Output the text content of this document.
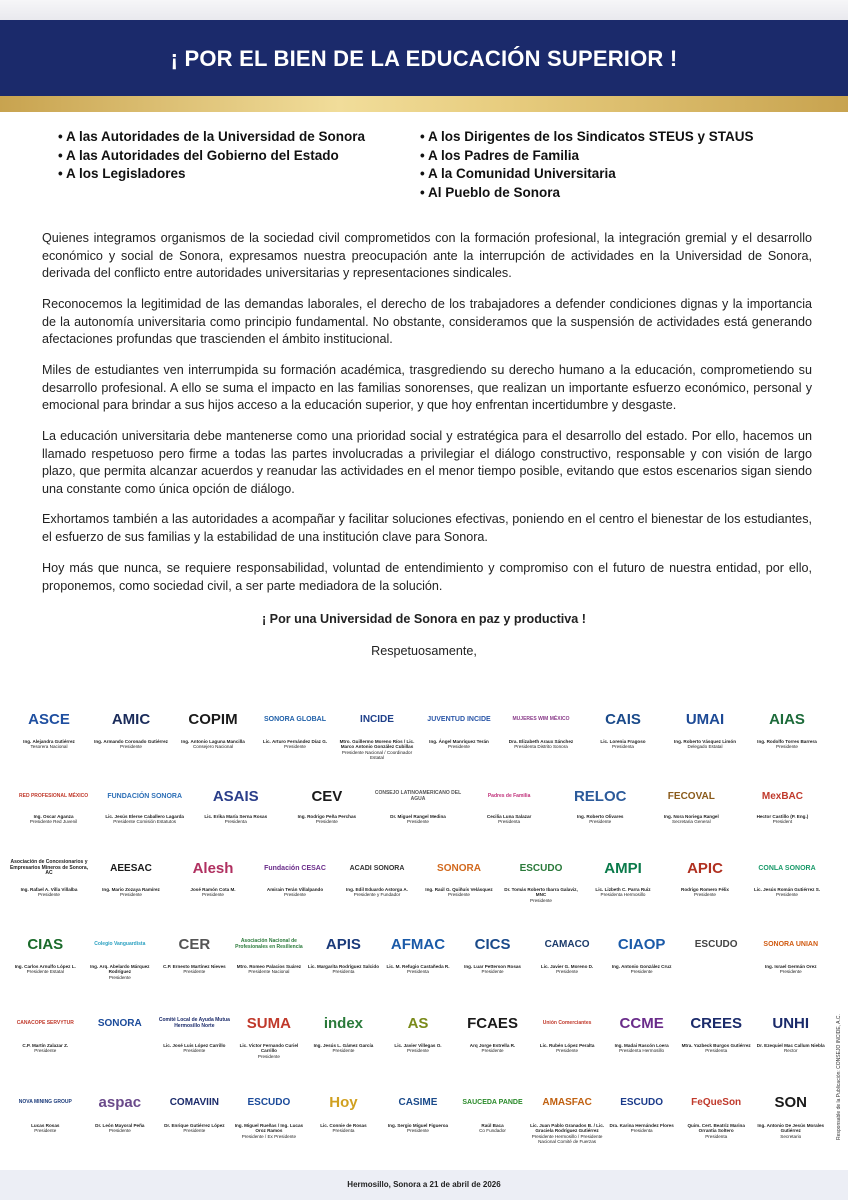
¡ POR EL BIEN DE LA EDUCACIÓN SUPERIOR !
• A las Autoridades de la Universidad de Sonora
• A las Autoridades del Gobierno del Estado
• A los Legisladores
• A los Dirigentes de los Sindicatos STEUS y STAUS
• A los Padres de Familia
• A la Comunidad Universitaria
• Al Pueblo de Sonora

Quienes integramos organismos de la sociedad civil comprometidos con la formación profesional, la integración gremial y el desarrollo económico y social de Sonora, expresamos nuestra preocupación ante la interrupción de actividades en la Universidad de Sonora, derivada del conflicto entre autoridades universitarias y representaciones sindicales.

Reconocemos la legitimidad de las demandas laborales, el derecho de los trabajadores a defender condiciones dignas y la importancia de la autonomía universitaria como principio fundamental. No obstante, consideramos que la suspensión de actividades está generando afectaciones profundas que trascienden el ámbito institucional.

Miles de estudiantes ven interrumpida su formación académica, trasgrediendo su derecho humano a la educación, comprometiendo su desarrollo profesional. A ello se suma el impacto en las familias sonorenses, que realizan un importante esfuerzo económico, personal y emocional para brindar a sus hijos acceso a la educación superior, y que hoy enfrentan incertidumbre y desgaste.

La educación universitaria debe mantenerse como una prioridad social y estratégica para el desarrollo del estado. Por ello, hacemos un llamado respetuoso pero firme a todas las partes involucradas a privilegiar el diálogo constructivo, responsable y con visión de largo plazo, que permita alcanzar acuerdos y reanudar las actividades en el menor tiempo posible, evitando que estos escenarios sigan siendo una constante como única opción de diálogo.

Exhortamos también a las autoridades a acompañar y facilitar soluciones efectivas, poniendo en el centro el bienestar de los estudiantes, el esfuerzo de sus familias y la estabilidad de una institución clave para Sonora.

Hoy más que nunca, se requiere responsabilidad, voluntad de entendimiento y compromiso con el futuro de nuestra entidad, por ello, proponemos, como sociedad civil, a ser parte mediadora de la solución.

¡ Por una Universidad de Sonora en paz y productiva !
Respetuosamente,
ASCE
Ing. Alejandra Gutiérrez
Tesorera Nacional
AMIC
Ing. Armando Coronado Gutiérrez
Presidente
COPIM
Ing. Antonio Laguna Mancilla
Consejero Nacional
SONORA GLOBAL
Lic. Arturo Fernández Díaz G.
Presidente
INCIDE
Mtro. Guillermo Moreno Ríos / Lic. Marco Antonio González Cubillas
Presidente Nacional / Coordinador Estatal
JUVENTUD INCIDE
Ing. Ángel Manríquez Terán
Presidente
MUJERES WIM MÉXICO
Dra. Elizabeth Araux Sánchez
Presidenta Distrito Sonora
CAIS
Lic. Lorenia Fragoso
Presidenta
UMAI
Ing. Roberto Vásquez Limón
Delegado Estatal
AIAS
Ing. Rodolfo Torres Barrera
Presidente
RED PROFESIONAL MÉXICO
Ing. Oscar Aganza
Presidente Red Juvenil
FUNDACIÓN SONORA
Lic. Jesús Elerse Caballero Lagarda
Presidente Comisión Estatutos
ASAIS
Lic. Erika María Serna Rosas
Presidenta
CEV
Ing. Rodrigo Peña Perchas
Presidente
CONSEJO LATINOAMERICANO DEL AGUA
Dr. Miguel Rangel Medina
Presidente
Padres de Familia
Cecilia Luna Salazar
Presidenta
RELOC
Ing. Roberto Olivares
Presidente
FECOVAL
Ing. Nora Noriega Rangel
Secretaria General
MexBAC
Hector Castillo (P. Eng.)
President
Asociación de Concesionarios y Empresarios Mineros de Sonora, AC
Ing. Rafael A. Villa Villalba
Presidente
AEESAC
Ing. Mario Zozaya Ramírez
Presidente
Alesh
José Ramón Cota M.
Presidente
Fundación CESAC
Amirain Terán Villalpando
Presidente
ACADI SONORA
Ing. Edil Eduardo Astorga A.
Presidente y Fundador
SONORA
Ing. Raúl G. Quiñuís Velásquez
Presidente
ESCUDO
Dr. Tomás Roberto Ibarra Galaviz, MNC
Presidente
AMPI
Lic. Lizbeth C. Parra Ruiz
Presidenta Hermosillo
APIC
Rodrigo Romero Félix
Presidente
CONLA SONORA
Lic. Jesús Román Gutiérrez S.
Presidente
CIAS
Ing. Carlos Arnulfo López L.
Presidente Estatal
Colegio Vanguardista
Ing. Arq. Abelardo Márquez Rodríguez
Presidente
CER
C.P. Ernesto Martínez Nieves
Presidente
Asociación Nacional de Profesionales en Resiliencia
Mtro. Romeo Palacios Suárez
Presidente Nacional
APIS
Lic. Margarita Rodríguez Salcido
Presidenta
AFMAC
Lic. M. Refugio Castañeda R.
Presidenta
CICS
Ing. Luar Petterson Rosas
Presidente
CAMACO
Lic. Javier G. Moreno D.
Presidente
CIAOP
Ing. Antonio González Cruz
Presidente
ESCUDO	SONORA UNIAN
Ing. Israel Germán Orez
Presidente
CANACOPE SERVYTUR
C.P. Martín Zalazar Z.
Presidente
SONORA	Comité Local de Ayuda Mutua Hermosillo Norte
Lic. José Luis López Carrillo
Presidente
SUMA
Lic. Victor Fernando Curiel Carrillo
Presidente
index
Ing. Jesús L. Gámez García
Presidente
AS
Lic. Javier Villegas O.
Presidente
FCAES
Arq Jorge Estrella R.
Presidente
Unión Comerciantes
Lic. Rubén López Peralta
Presidente
CCME
Ing. Madai Rascón Loera
Presidenta Hermosillo
CREES
Mtra. Yazbeck Burgos Gutiérrez
Presidenta
UNHI
Dr. Ezequiel Mac Callum Niebla
Rector
NOVA MINING GROUP
Lucas Rosas
Presidente
aspac
Dr. León Mayoral Peña
Presidente
COMAVIIN
Dr. Enrique Gutiérrez López
Presidente
ESCUDO
Ing. Miguel Rueñas / Ing. Lucas Oroz Ramos
Presidente / Ex Presidente
Hoy
Lic. Connie de Rosas
Presidenta
CASIME
Ing. Sergio Miguel Figueroa
Presidente
SAUCEDA PANDE
Raúl Baca
Co Fundador
AMASFAC
Lic. Juan Pablo Granados B. / Lic. Graciela Rodríguez Gutiérrez
Presidente Hermosillo / Presidente Nacional Comité de Fuerzas
ESCUDO
Dra. Karina Hernández Flores
Presidenta
FeQueSon
Quim. Cert. Beatriz Marina Orrantia Soltero
Presidenta
SON
Ing. Antonio De Jesús Morales Gutiérrez
Secretario	Responsable de la Publicación: CONSEJO INCIDE, A.C.
Hermosillo, Sonora a 21 de abril de 2026
